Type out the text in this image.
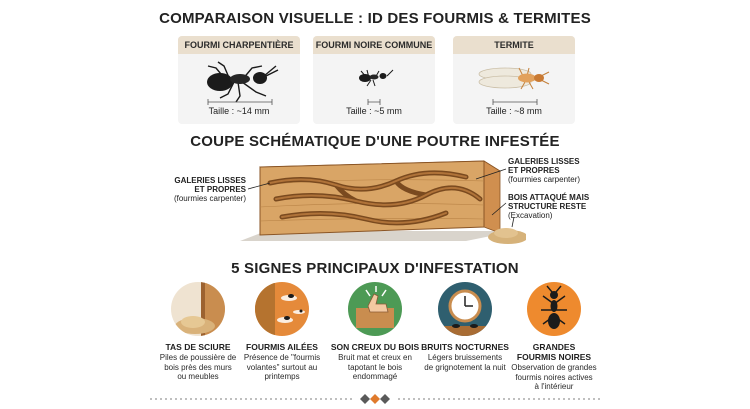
COMPARAISON VISUELLE : ID DES FOURMIS & TERMITES
FOURMI CHARPENTIÈRE
Taille : ~14 mm
FOURMI NOIRE COMMUNE
Taille : ~5 mm
TERMITE
Taille : ~8 mm
COUPE SCHÉMATIQUE D'UNE POUTRE INFESTÉE
GALERIES LISSES
ET PROPRES
(fourmies carpenter)
GALERIES LISSES
ET PROPRES
(fourmies carpenter)
BOIS ATTAQUÉ MAIS
STRUCTURE RESTE
(Excavation)
5 SIGNES PRINCIPAUX D'INFESTATION
TAS DE SCIURE
Piles de poussière de
bois près des murs
ou meubles
FOURMIS AILÉES
Présence de "fourmis
volantes" surtout au
printemps
SON CREUX DU BOIS
Bruit mat et creux en
tapotant le bois
endommagé
BRUITS NOCTURNES
Légers bruissements
de grignotement la nuit
GRANDES
FOURMIS NOIRES
Observation de grandes
fourmis noires actives
à l'intérieur
